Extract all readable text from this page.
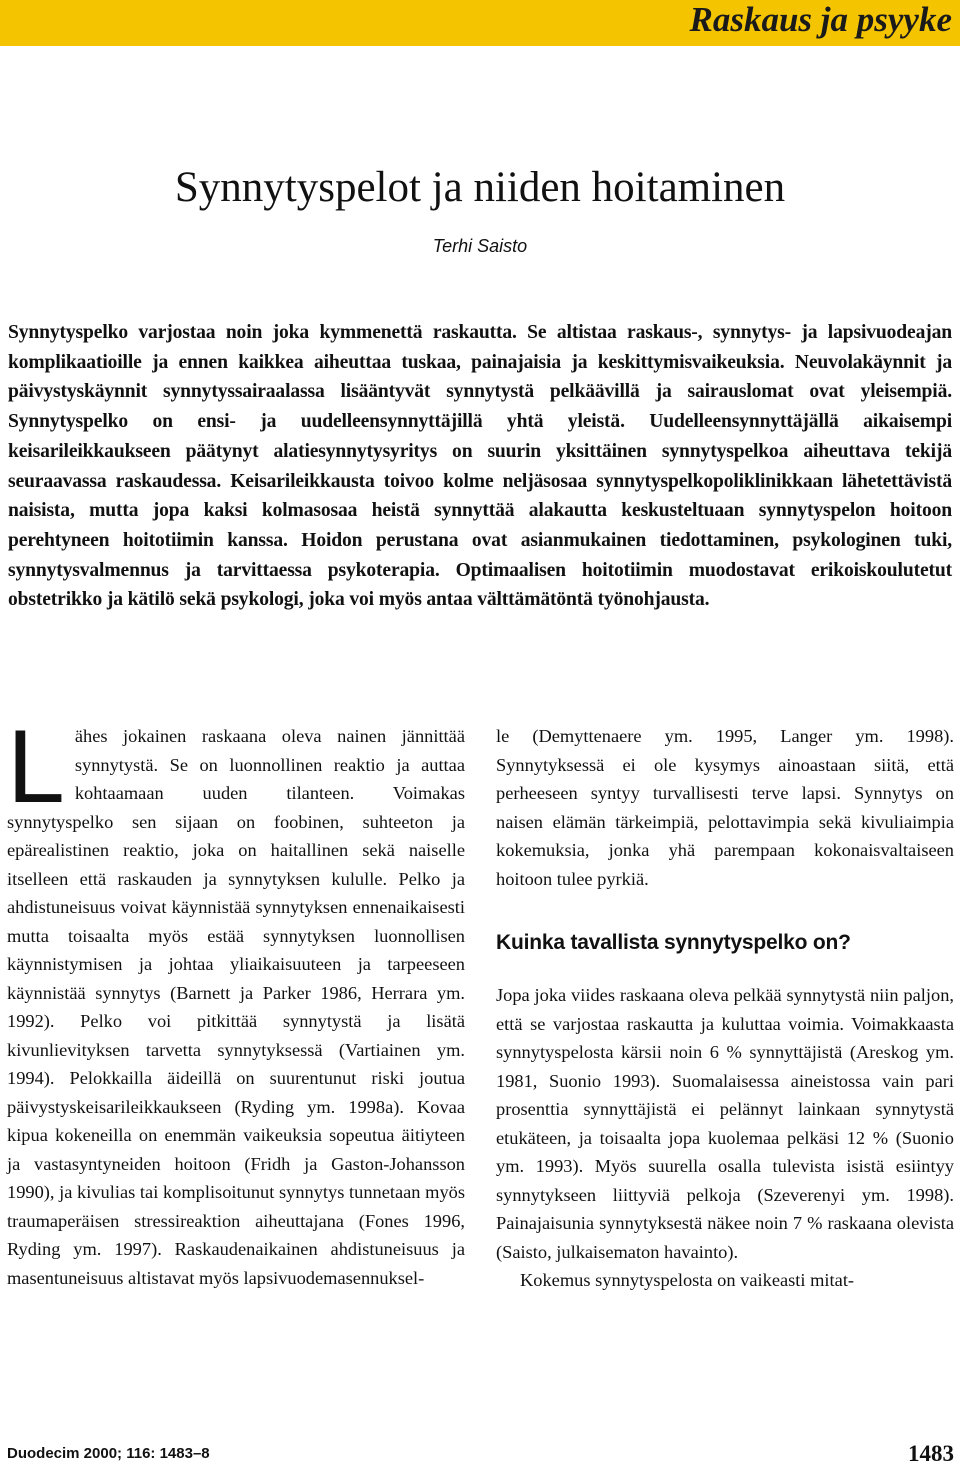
Raskaus ja psyyke
Synnytyspelot ja niiden hoitaminen

Terhi Saisto

Synnytyspelko varjostaa noin joka kymmenettä raskautta. Se altistaa raskaus-, synnytys- ja lapsivuodeajan komplikaatioille ja ennen kaikkea aiheuttaa tuskaa, painajaisia ja keskittymisvaikeuksia. Neuvolakäynnit ja päivystyskäynnit synnytyssairaalassa lisääntyvät synnytystä pelkäävillä ja sairauslomat ovat yleisempiä. Synnytyspelko on ensi- ja uudelleensynnyttäjillä yhtä yleistä. Uudelleensynnyttäjällä aikaisempi keisarileikkaukseen päätynyt alatiesynnytysyritys on suurin yksittäinen synnytyspelkoa aiheuttava tekijä seuraavassa raskaudessa. Keisarileikkausta toivoo kolme neljäsosaa synnytyspelkopoliklinikkaan lähetettävistä naisista, mutta jopa kaksi kolmasosaa heistä synnyttää alakautta keskusteltuaan synnytyspelon hoitoon perehtyneen hoitotiimin kanssa. Hoidon perustana ovat asianmukainen tiedottaminen, psykologinen tuki, synnytysvalmennus ja tarvittaessa psykoterapia. Optimaalisen hoitotiimin muodostavat erikoiskoulutetut obstetrikko ja kätilö sekä psykologi, joka voi myös antaa välttämätöntä työnohjausta.

L ähes jokainen raskaana oleva nainen jännittää synnytystä. Se on luonnollinen reaktio ja auttaa kohtaamaan uuden tilanteen. Voimakas synnytyspelko sen sijaan on foobinen, suhteeton ja epärealistinen reaktio, joka on haitallinen sekä naiselle itselleen että raskauden ja synnytyksen kululle. Pelko ja ahdistuneisuus voivat käynnistää synnytyksen ennenaikaisesti mutta toisaalta myös estää synnytyksen luonnollisen käynnistymisen ja johtaa yliaikaisuuteen ja tarpeeseen käynnistää synnytys (Barnett ja Parker 1986, Herrara ym. 1992). Pelko voi pitkittää synnytystä ja lisätä kivunlievityksen tarvetta synnytyksessä (Vartiainen ym. 1994). Pelokkailla äideillä on suurentunut riski joutua päivystyskeisarileikkaukseen (Ryding ym. 1998a). Kovaa kipua kokeneilla on enemmän vaikeuksia sopeutua äitiyteen ja vastasyntyneiden hoitoon (Fridh ja Gaston-Johansson 1990), ja kivulias tai komplisoitunut synnytys tunnetaan myös traumaperäisen stressireaktion aiheuttajana (Fones 1996, Ryding ym. 1997). Raskaudenaikainen ahdistuneisuus ja masentuneisuus altistavat myös lapsivuodemasennuksel-

le (Demyttenaere ym. 1995, Langer ym. 1998). Synnytyksessä ei ole kysymys ainoastaan siitä, että perheeseen syntyy turvallisesti terve lapsi. Synnytys on naisen elämän tärkeimpiä, pelottavimpia sekä kivuliaimpia kokemuksia, jonka yhä parempaan kokonaisvaltaiseen hoitoon tulee pyrkiä.

Kuinka tavallista synnytyspelko on?

Jopa joka viides raskaana oleva pelkää synnytystä niin paljon, että se varjostaa raskautta ja kuluttaa voimia. Voimakkaasta synnytyspelosta kärsii noin 6 % synnyttäjistä (Areskog ym. 1981, Suonio 1993). Suomalaisessa aineistossa vain pari prosenttia synnyttäjistä ei pelännyt lainkaan synnytystä etukäteen, ja toisaalta jopa kuolemaa pelkäsi 12 % (Suonio ym. 1993). Myös suurella osalla tulevista isistä esiintyy synnytykseen liittyviä pelkoja (Szeverenyi ym. 1998). Painajaisunia synnytyksestä näkee noin 7 % raskaana olevista (Saisto, julkaisematon havainto).

Kokemus synnytyspelosta on vaikeasti mitat-

Duodecim 2000; 116: 1483–8	1483
